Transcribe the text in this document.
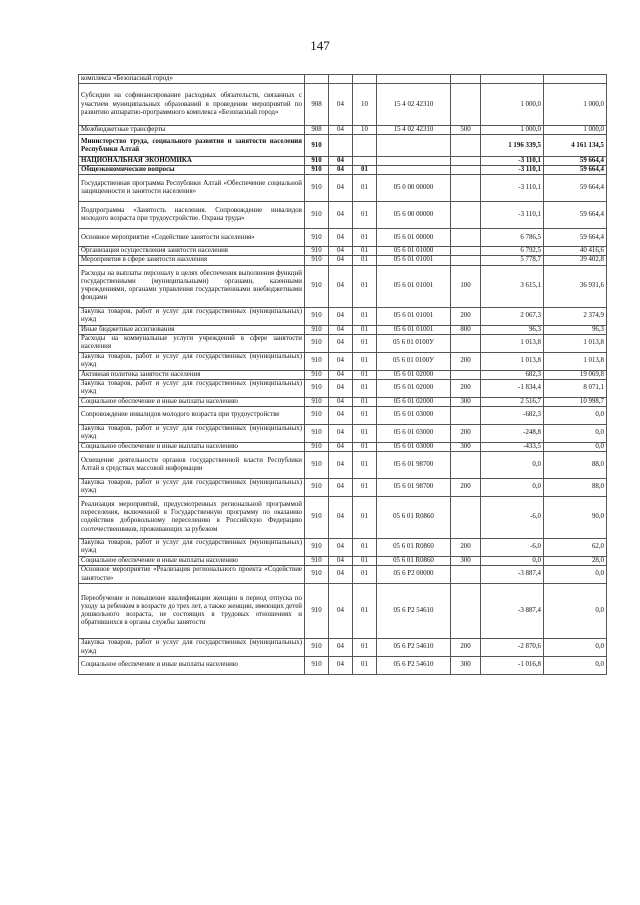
147
комплекса «Безопасный город»							
Субсидии на софинансирование расходных обязательств, связанных с участием муниципальных образований в проведении мероприятий по развитию аппаратно-программного комплекса «Безопасный город»	908	04	10	15 4 02 42310		1 000,0	1 000,0
Межбюджетные трансферты	908	04	10	15 4 02 42310	500	1 000,0	1 000,0
Министерство труда, социального развития и занятости населения Республики Алтай	910					1 196 339,5	4 161 134,5
НАЦИОНАЛЬНАЯ ЭКОНОМИКА	910	04				-3 110,1	59 664,4
Общеэкономические вопросы	910	04	01			-3 110,1	59 664,4
Государственная программа Республики Алтай «Обеспечение социальной защищенности и занятости населения»	910	04	01	05 0 00 00000		-3 110,1	59 664,4
Подпрограмма «Занятость населения. Сопровождение инвалидов молодого возраста при трудоустройстве. Охрана труда»	910	04	01	05 6 00 00000		-3 110,1	59 664,4
Основное мероприятие «Содействие занятости населения»	910	04	01	05 6 01 00000		6 786,5	59 664,4
Организация осуществления занятости населения	910	04	01	05 6 01 01000		6 792,5	40 416,6
Мероприятия в сфере занятости населения	910	04	01	05 6 01 01001		5 778,7	39 402,8
Расходы на выплаты персоналу в целях обеспечения выполнения функций государственными (муниципальными) органами, казенными учреждениями, органами управления государственными внебюджетными фондами	910	04	01	05 6 01 01001	100	3 615,1	36 931,6
Закупка товаров, работ и услуг для государственных (муниципальных) нужд	910	04	01	05 6 01 01001	200	2 067,3	2 374,9
Иные бюджетные ассигнования	910	04	01	05 6 01 01001	800	96,3	96,3
Расходы на коммунальные услуги учреждений в сфере занятости населения	910	04	01	05 6 01 0100У		1 013,8	1 013,8
Закупка товаров, работ и услуг для государственных (муниципальных) нужд	910	04	01	05 6 01 0100У	200	1 013,8	1 013,8
Активная политика занятости населения	910	04	01	05 6 01 02000		682,3	19 069,8
Закупка товаров, работ и услуг для государственных (муниципальных) нужд	910	04	01	05 6 01 02000	200	-1 834,4	8 071,1
Социальное обеспечение и иные выплаты населению	910	04	01	05 6 01 02000	300	2 516,7	10 998,7
Сопровождение инвалидов молодого возраста при трудоустройстве	910	04	01	05 6 01 03000		-682,3	0,0
Закупка товаров, работ и услуг для государственных (муниципальных) нужд	910	04	01	05 6 01 03000	200	-248,8	0,0
Социальное обеспечение и иные выплаты населению	910	04	01	05 6 01 03000	300	-433,5	0,0
Освещение деятельности органов государственной власти Республики Алтай в средствах массовой информации	910	04	01	05 6 01 98700		0,0	88,0
Закупка товаров, работ и услуг для государственных (муниципальных) нужд	910	04	01	05 6 01 98700	200	0,0	88,0
Реализация мероприятий, предусмотренных региональной программой переселения, включенной в Государственную программу по оказанию содействия добровольному переселению в Российскую Федерацию соотечественников, проживающих за рубежом	910	04	01	05 6 01 R0860		-6,0	90,0
Закупка товаров, работ и услуг для государственных (муниципальных) нужд	910	04	01	05 6 01 R0860	200	-6,0	62,0
Социальное обеспечение и иные выплаты населению	910	04	01	05 6 01 R0860	300	0,0	28,0
Основное мероприятие «Реализация регионального проекта «Содействие занятости»	910	04	01	05 6 P2 00000		-3 887,4	0,0
Переобучение и повышение квалификации женщин в период отпуска по уходу за ребенком в возрасте до трех лет, а также женщин, имеющих детей дошкольного возраста, не состоящих в трудовых отношениях и обратившихся в органы службы занятости	910	04	01	05 6 P2 54610		-3 887,4	0,0
Закупка товаров, работ и услуг для государственных (муниципальных) нужд	910	04	01	05 6 P2 54610	200	-2 870,6	0,0
Социальное обеспечение и иные выплаты населению	910	04	01	05 6 P2 54610	300	-1 016,8	0,0
